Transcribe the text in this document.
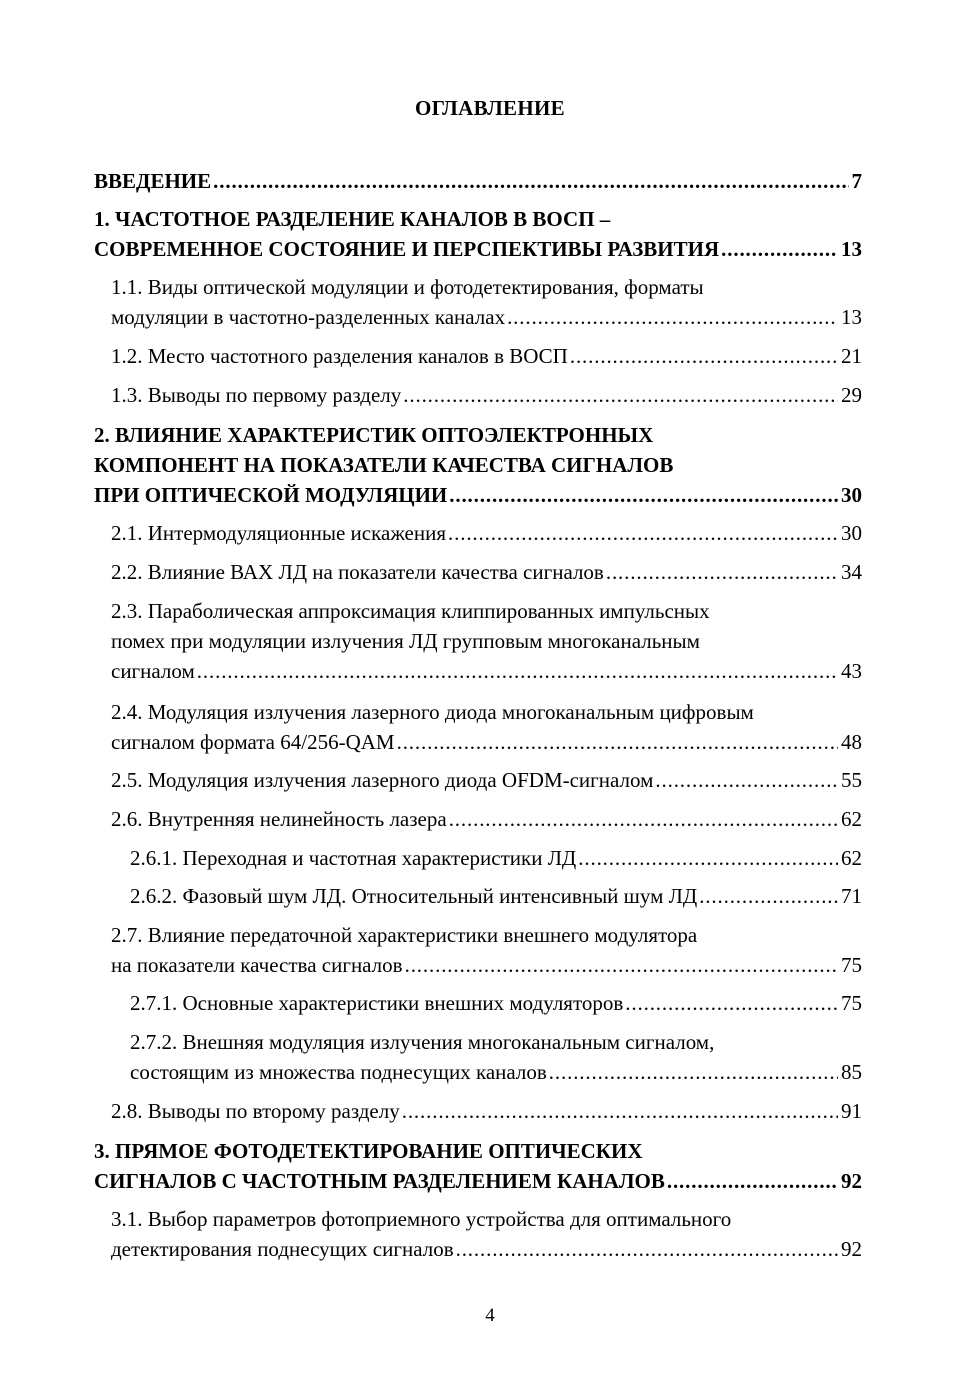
ОГЛАВЛЕНИЕ
ВВЕДЕНИЕ . . .	7
1. ЧАСТОТНОЕ РАЗДЕЛЕНИЕ КАНАЛОВ В ВОСП –
СОВРЕМЕННОЕ СОСТОЯНИЕ И ПЕРСПЕКТИВЫ РАЗВИТИЯ . . .	13
1.1. Виды оптической модуляции и фотодетектирования, форматы
модуляции в частотно-разделенных каналах . . .	13
1.2. Место частотного разделения каналов в ВОСП . . .	21
1.3. Выводы по первому разделу . . .	29
2. ВЛИЯНИЕ ХАРАКТЕРИСТИК ОПТОЭЛЕКТРОННЫХ
КОМПОНЕНТ НА ПОКАЗАТЕЛИ КАЧЕСТВА СИГНАЛОВ
ПРИ ОПТИЧЕСКОЙ МОДУЛЯЦИИ . . .	30
2.1. Интермодуляционные искажения . . .	30
2.2. Влияние ВАХ ЛД на показатели качества сигналов . . .	34
2.3. Параболическая аппроксимация клиппированных импульсных
помех при модуляции излучения ЛД групповым многоканальным
сигналом . . .	43
2.4. Модуляция излучения лазерного диода многоканальным цифровым
сигналом формата 64/256-QAM . . .	48
2.5. Модуляция излучения лазерного диода OFDM-сигналом . . .	55
2.6. Внутренняя нелинейность лазера . . .	62
2.6.1. Переходная и частотная характеристики ЛД . . .	62
2.6.2. Фазовый шум ЛД. Относительный интенсивный шум ЛД . . .	71
2.7. Влияние передаточной характеристики внешнего модулятора
на показатели качества сигналов . . .	75
2.7.1. Основные характеристики внешних модуляторов . . .	75
2.7.2. Внешняя модуляция излучения многоканальным сигналом,
состоящим из множества поднесущих каналов . . .	85
2.8. Выводы по второму разделу . . .	91
3. ПРЯМОЕ ФОТОДЕТЕКТИРОВАНИЕ ОПТИЧЕСКИХ
СИГНАЛОВ С ЧАСТОТНЫМ РАЗДЕЛЕНИЕМ КАНАЛОВ . . .	92
3.1. Выбор параметров фотоприемного устройства для оптимального
детектирования поднесущих сигналов . . .	92
4
